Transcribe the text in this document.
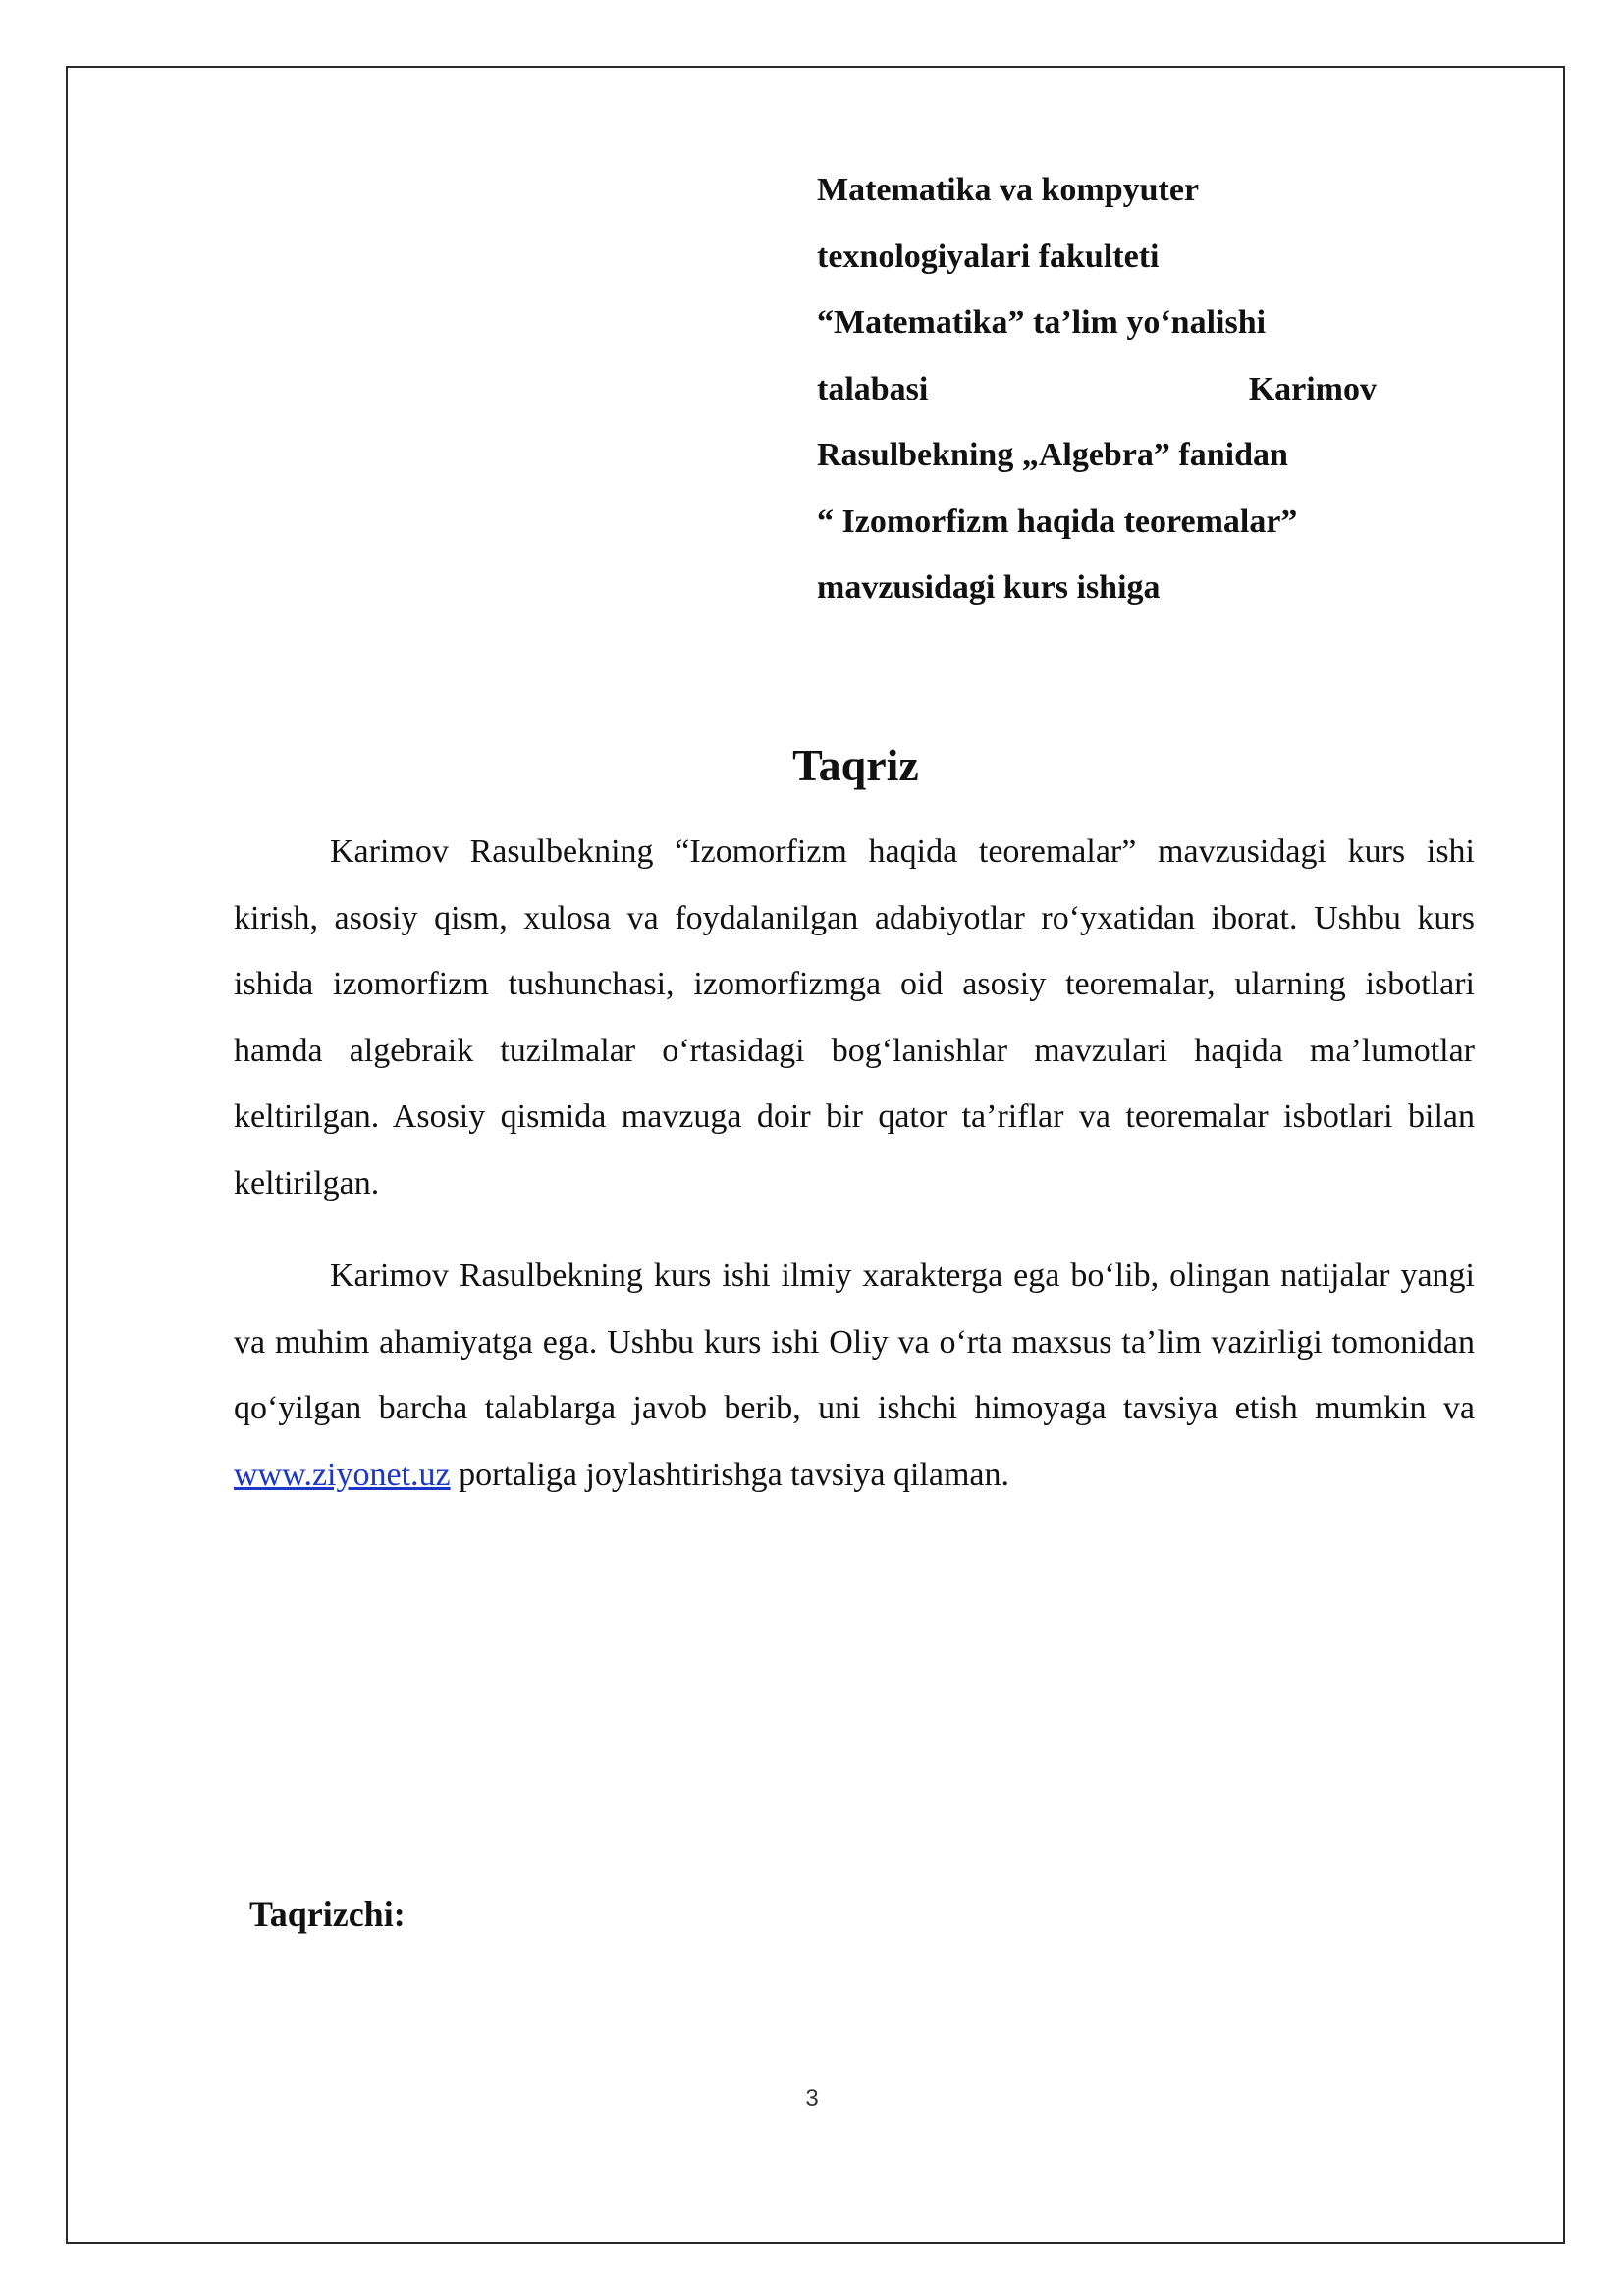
Matematika va kompyuter
texnologiyalari fakulteti
“Matematika” ta’lim yo‘nalishi
talabasi	Karimov
Rasulbekning „Algebra” fanidan
“ Izomorfizm haqida teoremalar”
mavzusidagi kurs ishiga
Taqriz

Karimov Rasulbekning “Izomorfizm haqida teoremalar” mavzusidagi kurs ishi kirish, asosiy qism, xulosa va foydalanilgan adabiyotlar ro‘yxatidan iborat. Ushbu kurs ishida izomorfizm tushunchasi, izomorfizmga oid asosiy teoremalar, ularning isbotlari hamda algebraik tuzilmalar o‘rtasidagi bog‘lanishlar mavzulari haqida ma’lumotlar keltirilgan. Asosiy qismida mavzuga doir bir qator ta’riflar va teoremalar isbotlari bilan keltirilgan.

Karimov Rasulbekning kurs ishi ilmiy xarakterga ega bo‘lib, olingan natijalar yangi va muhim ahamiyatga ega. Ushbu kurs ishi Oliy va o‘rta maxsus ta’lim vazirligi tomonidan qo‘yilgan barcha talablarga javob berib, uni ishchi himoyaga tavsiya etish mumkin va www.ziyonet.uz portaliga joylashtirishga tavsiya qilaman.

Taqrizchi:
3
